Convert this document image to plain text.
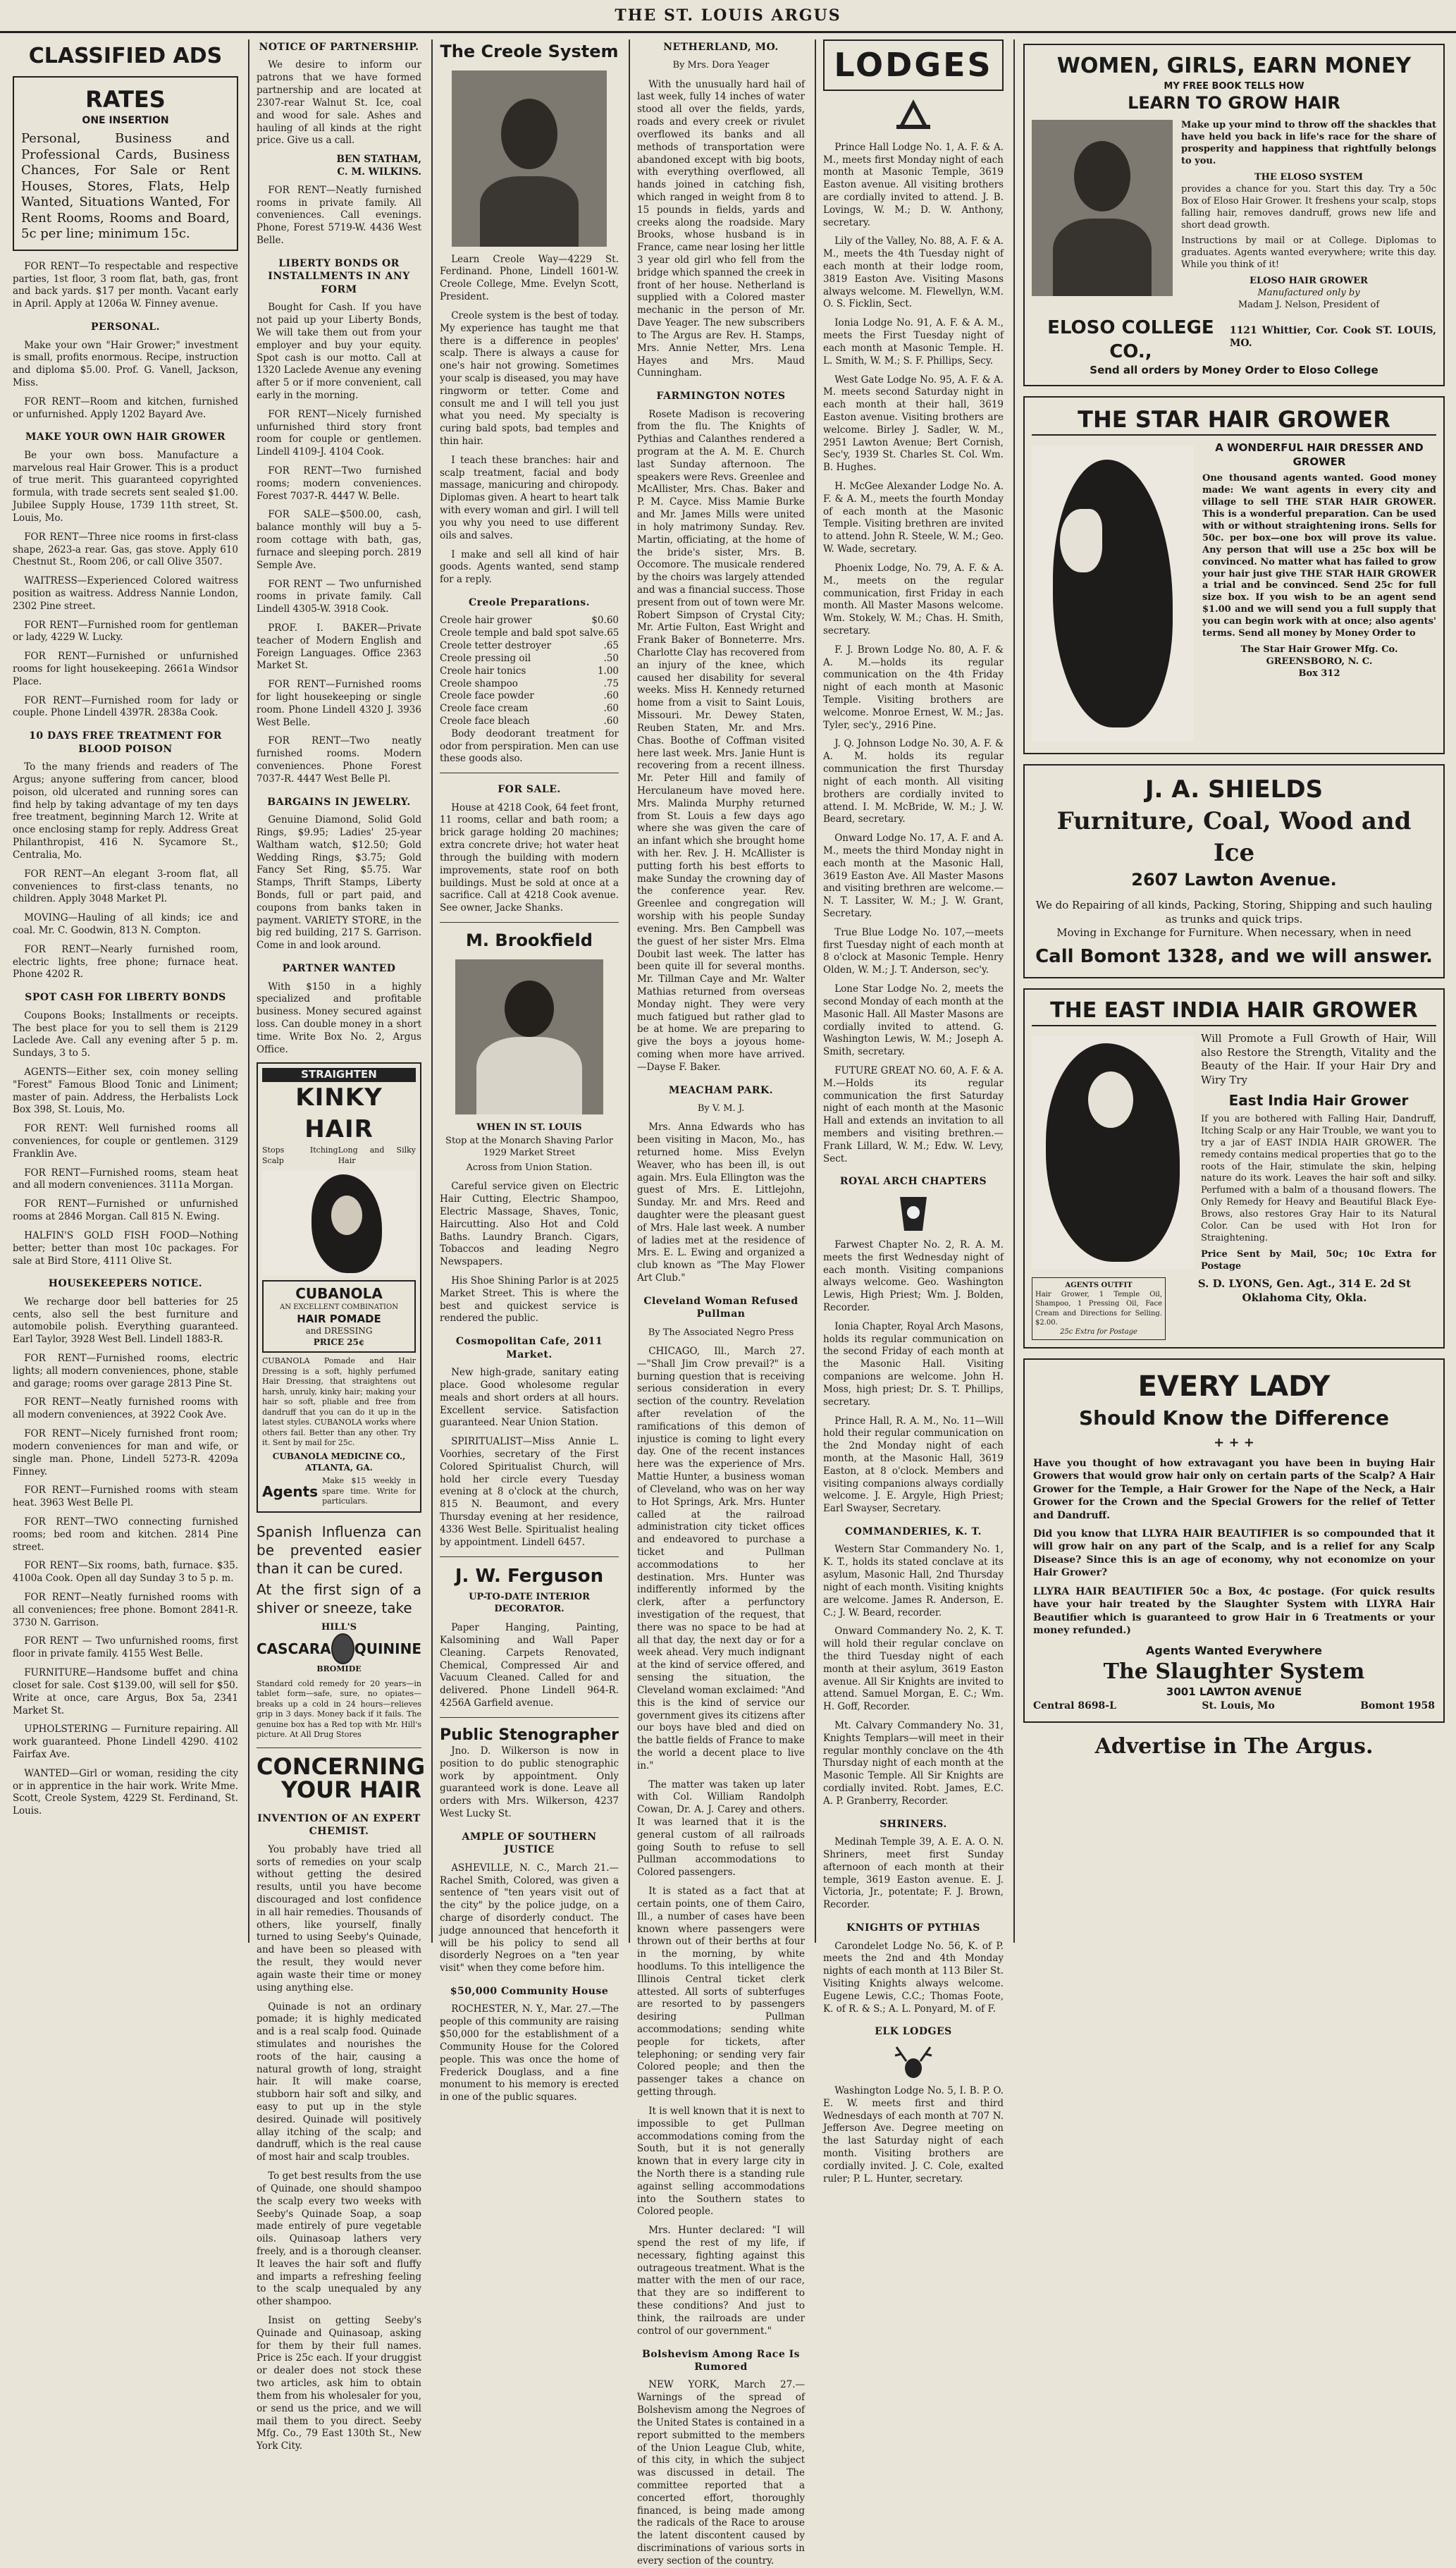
THE ST. LOUIS ARGUS
CLASSIFIED ADS
RATES
ONE INSERTION
Personal, Business and Professional Cards, Business Chances, For Sale or Rent Houses, Stores, Flats, Help Wanted, Situations Wanted, For Rent Rooms, Rooms and Board, 5c per line; minimum 15c.

FOR RENT—To respectable and respective parties, 1st floor, 3 room flat, bath, gas, front and back yards. $17 per month. Vacant early in April. Apply at 1206a W. Finney avenue.

PERSONAL.

Make your own "Hair Grower;" investment is small, profits enormous. Recipe, instruction and diploma $5.00. Prof. G. Vanell, Jackson, Miss.

FOR RENT—Room and kitchen, furnished or unfurnished. Apply 1202 Bayard Ave.

MAKE YOUR OWN HAIR GROWER

Be your own boss. Manufacture a marvelous real Hair Grower. This is a product of true merit. This guaranteed copyrighted formula, with trade secrets sent sealed $1.00. Jubilee Supply House, 1739 11th street, St. Louis, Mo.

FOR RENT—Three nice rooms in first-class shape, 2623-a rear. Gas, gas stove. Apply 610 Chestnut St., Room 206, or call Olive 3507.

WAITRESS—Experienced Colored waitress position as waitress. Address Nannie London, 2302 Pine street.

FOR RENT—Furnished room for gentleman or lady, 4229 W. Lucky.

FOR RENT—Furnished or unfurnished rooms for light housekeeping. 2661a Windsor Place.

FOR RENT—Furnished room for lady or couple. Phone Lindell 4397R. 2838a Cook.

10 DAYS FREE TREATMENT FOR BLOOD POISON

To the many friends and readers of The Argus; anyone suffering from cancer, blood poison, old ulcerated and running sores can find help by taking advantage of my ten days free treatment, beginning March 12. Write at once enclosing stamp for reply. Address Great Philanthropist, 416 N. Sycamore St., Centralia, Mo.

FOR RENT—An elegant 3-room flat, all conveniences to first-class tenants, no children. Apply 3048 Market Pl.

MOVING—Hauling of all kinds; ice and coal. Mr. C. Goodwin, 813 N. Compton.

FOR RENT—Nearly furnished room, electric lights, free phone; furnace heat. Phone 4202 R.

SPOT CASH FOR LIBERTY BONDS

Coupons Books; Installments or receipts. The best place for you to sell them is 2129 Laclede Ave. Call any evening after 5 p. m. Sundays, 3 to 5.

AGENTS—Either sex, coin money selling "Forest" Famous Blood Tonic and Liniment; master of pain. Address, the Herbalists Lock Box 398, St. Louis, Mo.

FOR RENT: Well furnished rooms all conveniences, for couple or gentlemen. 3129 Franklin Ave.

FOR RENT—Furnished rooms, steam heat and all modern conveniences. 3111a Morgan.

FOR RENT—Furnished or unfurnished rooms at 2846 Morgan. Call 815 N. Ewing.

HALFIN'S GOLD FISH FOOD—Nothing better; better than most 10c packages. For sale at Bird Store, 4111 Olive St.

HOUSEKEEPERS NOTICE.

We recharge door bell batteries for 25 cents, also sell the best furniture and automobile polish. Everything guaranteed. Earl Taylor, 3928 West Bell. Lindell 1883-R.

FOR RENT—Furnished rooms, electric lights; all modern conveniences, phone, stable and garage; rooms over garage 2813 Pine St.

FOR RENT—Neatly furnished rooms with all modern conveniences, at 3922 Cook Ave.

FOR RENT—Nicely furnished front room; modern conveniences for man and wife, or single man. Phone, Lindell 5273-R. 4209a Finney.

FOR RENT—Furnished rooms with steam heat. 3963 West Belle Pl.

FOR RENT—TWO connecting furnished rooms; bed room and kitchen. 2814 Pine street.

FOR RENT—Six rooms, bath, furnace. $35. 4100a Cook. Open all day Sunday 3 to 5 p. m.

FOR RENT—Neatly furnished rooms with all conveniences; free phone. Bomont 2841-R. 3730 N. Garrison.

FOR RENT — Two unfurnished rooms, first floor in private family. 4155 West Belle.

FURNITURE—Handsome buffet and china closet for sale. Cost $139.00, will sell for $50. Write at once, care Argus, Box 5a, 2341 Market St.

UPHOLSTERING — Furniture repairing. All work guaranteed. Phone Lindell 4290. 4102 Fairfax Ave.

WANTED—Girl or woman, residing the city or in apprentice in the hair work. Write Mme. Scott, Creole System, 4229 St. Ferdinand, St. Louis.

NOTICE OF PARTNERSHIP.

We desire to inform our patrons that we have formed partnership and are located at 2307-rear Walnut St. Ice, coal and wood for sale. Ashes and hauling of all kinds at the right price. Give us a call.

BEN STATHAM,
C. M. WILKINS.

FOR RENT—Neatly furnished rooms in private family. All conveniences. Call evenings. Phone, Forest 5719-W. 4436 West Belle.

LIBERTY BONDS OR INSTALLMENTS IN ANY FORM

Bought for Cash. If you have not paid up your Liberty Bonds, We will take them out from your employer and buy your equity. Spot cash is our motto. Call at 1320 Laclede Avenue any evening after 5 or if more convenient, call early in the morning.

FOR RENT—Nicely furnished unfurnished third story front room for couple or gentlemen. Lindell 4109-J. 4104 Cook.

FOR RENT—Two furnished rooms; modern conveniences. Forest 7037-R. 4447 W. Belle.

FOR SALE—$500.00, cash, balance monthly will buy a 5-room cottage with bath, gas, furnace and sleeping porch. 2819 Semple Ave.

FOR RENT — Two unfurnished rooms in private family. Call Lindell 4305-W. 3918 Cook.

PROF. I. BAKER—Private teacher of Modern English and Foreign Languages. Office 2363 Market St.

FOR RENT—Furnished rooms for light housekeeping or single room. Phone Lindell 4320 J. 3936 West Belle.

FOR RENT—Two neatly furnished rooms. Modern conveniences. Phone Forest 7037-R. 4447 West Belle Pl.

BARGAINS IN JEWELRY.

Genuine Diamond, Solid Gold Rings, $9.95; Ladies' 25-year Waltham watch, $12.50; Gold Wedding Rings, $3.75; Gold Fancy Set Ring, $5.75. War Stamps, Thrift Stamps, Liberty Bonds, full or part paid, and coupons from banks taken in payment. VARIETY STORE, in the big red building, 217 S. Garrison. Come in and look around.

PARTNER WANTED

With $150 in a highly specialized and profitable business. Money secured against loss. Can double money in a short time. Write Box No. 2, Argus Office.

STRAIGHTEN
KINKY HAIR
Stops Itching Scalp
Long and Silky Hair
CUBANOLA
AN EXCELLENT COMBINATION
HAIR POMADE
and DRESSING
PRICE 25¢
CUBANOLA Pomade and Hair Dressing is a soft, highly perfumed Hair Dressing, that straightens out harsh, unruly, kinky hair; making your hair so soft, pliable and free from dandruff that you can do it up in the latest styles. CUBANOLA works where others fail. Better than any other. Try it. Sent by mail for 25c.
CUBANOLA MEDICINE CO., ATLANTA, GA.
Agents
Make $15 weekly in spare time. Write for particulars.
Spanish Influenza can be prevented easier than it can be cured.
At the first sign of a shiver or sneeze, take
HILL'S
CASCARA QUININE
BROMIDE
Standard cold remedy for 20 years—in tablet form—safe, sure, no opiates—breaks up a cold in 24 hours—relieves grip in 3 days. Money back if it fails. The genuine box has a Red top with Mr. Hill's picture. At All Drug Stores
CONCERNING
YOUR HAIR
INVENTION OF AN EXPERT CHEMIST.

You probably have tried all sorts of remedies on your scalp without getting the desired results, until you have become discouraged and lost confidence in all hair remedies. Thousands of others, like yourself, finally turned to using Seeby's Quinade, and have been so pleased with the result, they would never again waste their time or money using anything else.

Quinade is not an ordinary pomade; it is highly medicated and is a real scalp food. Quinade stimulates and nourishes the roots of the hair, causing a natural growth of long, straight hair. It will make coarse, stubborn hair soft and silky, and easy to put up in the style desired. Quinade will positively allay itching of the scalp; and dandruff, which is the real cause of most hair and scalp troubles.

To get best results from the use of Quinade, one should shampoo the scalp every two weeks with Seeby's Quinade Soap, a soap made entirely of pure vegetable oils. Quinasoap lathers very freely, and is a thorough cleanser. It leaves the hair soft and fluffy and imparts a refreshing feeling to the scalp unequaled by any other shampoo.

Insist on getting Seeby's Quinade and Quinasoap, asking for them by their full names. Price is 25c each. If your druggist or dealer does not stock these two articles, ask him to obtain them from his wholesaler for you, or send us the price, and we will mail them to you direct. Seeby Mfg. Co., 79 East 130th St., New York City.

The Creole System

Learn Creole Way—4229 St. Ferdinand. Phone, Lindell 1601-W. Creole College, Mme. Evelyn Scott, President.

Creole system is the best of today. My experience has taught me that there is a difference in peoples' scalp. There is always a cause for one's hair not growing. Sometimes your scalp is diseased, you may have ringworm or tetter. Come and consult me and I will tell you just what you need. My specialty is curing bald spots, bad temples and thin hair.

I teach these branches: hair and scalp treatment, facial and body massage, manicuring and chiropody. Diplomas given. A heart to heart talk with every woman and girl. I will tell you why you need to use different oils and salves.

I make and sell all kind of hair goods. Agents wanted, send stamp for a reply.

Creole Preparations.
Creole hair grower	$0.60
Creole temple and bald spot salve .65
Creole tetter destroyer	.65
Creole pressing oil	.50
Creole hair tonics	1.00
Creole shampoo	.75
Creole face powder	.60
Creole face cream	.60
Creole face bleach	.60

Body deodorant treatment for odor from perspiration. Men can use these goods also.

FOR SALE.

House at 4218 Cook, 64 feet front, 11 rooms, cellar and bath room; a brick garage holding 20 machines; extra concrete drive; hot water heat through the building with modern improvements, state roof on both buildings. Must be sold at once at a sacrifice. Call at 4218 Cook avenue. See owner, Jacke Shanks.

M. Brookfield
WHEN IN ST. LOUIS
Stop at the Monarch Shaving Parlor 1929 Market Street
Across from Union Station.

Careful service given on Electric Hair Cutting, Electric Shampoo, Electric Massage, Shaves, Tonic, Haircutting. Also Hot and Cold Baths. Laundry Branch. Cigars, Tobaccos and leading Negro Newspapers.

His Shoe Shining Parlor is at 2025 Market Street. This is where the best and quickest service is rendered the public.

Cosmopolitan Cafe, 2011 Market.

New high-grade, sanitary eating place. Good wholesome regular meals and short orders at all hours. Excellent service. Satisfaction guaranteed. Near Union Station.

SPIRITUALIST—Miss Annie L. Voorhies, secretary of the First Colored Spiritualist Church, will hold her circle every Tuesday evening at 8 o'clock at the church, 815 N. Beaumont, and every Thursday evening at her residence, 4336 West Belle. Spiritualist healing by appointment. Lindell 6457.

J. W. Ferguson
UP-TO-DATE INTERIOR DECORATOR.

Paper Hanging, Painting, Kalsomining and Wall Paper Cleaning. Carpets Renovated, Chemical, Compressed Air and Vacuum Cleaned. Called for and delivered. Phone Lindell 964-R. 4256A Garfield avenue.

Public Stenographer

Jno. D. Wilkerson is now in position to do public stenographic work by appointment. Only guaranteed work is done. Leave all orders with Mrs. Wilkerson, 4237 West Lucky St.

AMPLE OF SOUTHERN JUSTICE

ASHEVILLE, N. C., March 21.—Rachel Smith, Colored, was given a sentence of "ten years visit out of the city" by the police judge, on a charge of disorderly conduct. The judge announced that henceforth it will be his policy to send all disorderly Negroes on a "ten year visit" when they come before him.

$50,000 Community House

ROCHESTER, N. Y., Mar. 27.—The people of this community are raising $50,000 for the establishment of a Community House for the Colored people. This was once the home of Frederick Douglass, and a fine monument to his memory is erected in one of the public squares.

NETHERLAND, MO.
By Mrs. Dora Yeager

With the unusually hard hail of last week, fully 14 inches of water stood all over the fields, yards, roads and every creek or rivulet overflowed its banks and all methods of transportation were abandoned except with big boots, with everything overflowed, all hands joined in catching fish, which ranged in weight from 8 to 15 pounds in fields, yards and creeks along the roadside. Mary Brooks, whose husband is in France, came near losing her little 3 year old girl who fell from the bridge which spanned the creek in front of her house. Netherland is supplied with a Colored master mechanic in the person of Mr. Dave Yeager. The new subscribers to The Argus are Rev. H. Stamps, Mrs. Annie Netter, Mrs. Lena Hayes and Mrs. Maud Cunningham.

FARMINGTON NOTES

Rosete Madison is recovering from the flu. The Knights of Pythias and Calanthes rendered a program at the A. M. E. Church last Sunday afternoon. The speakers were Revs. Greenlee and McAllister, Mrs. Chas. Baker and P. M. Cayce. Miss Mamie Burke and Mr. James Mills were united in holy matrimony Sunday. Rev. Martin, officiating, at the home of the bride's sister, Mrs. B. Occomore. The musicale rendered by the choirs was largely attended and was a financial success. Those present from out of town were Mr. Robert Simpson of Crystal City; Mr. Artie Fulton, East Wright and Frank Baker of Bonneterre. Mrs. Charlotte Clay has recovered from an injury of the knee, which caused her disability for several weeks. Miss H. Kennedy returned home from a visit to Saint Louis, Missouri. Mr. Dewey Staten, Reuben Staten, Mr. and Mrs. Chas. Boothe of Coffman visited here last week. Mrs. Janie Hunt is recovering from a recent illness. Mr. Peter Hill and family of Herculaneum have moved here. Mrs. Malinda Murphy returned from St. Louis a few days ago where she was given the care of an infant which she brought home with her. Rev. J. H. McAllister is putting forth his best efforts to make Sunday the crowning day of the conference year. Rev. Greenlee and congregation will worship with his people Sunday evening. Mrs. Ben Campbell was the guest of her sister Mrs. Elma Doubit last week. The latter has been quite ill for several months. Mr. Tillman Caye and Mr. Walter Mathias returned from overseas Monday night. They were very much fatigued but rather glad to be at home. We are preparing to give the boys a joyous home-coming when more have arrived.—Dayse F. Baker.

MEACHAM PARK.
By V. M. J.

Mrs. Anna Edwards who has been visiting in Macon, Mo., has returned home. Miss Evelyn Weaver, who has been ill, is out again. Mrs. Eula Ellington was the guest of Mrs. E. Littlejohn, Sunday. Mr. and Mrs. Reed and daughter were the pleasant guest of Mrs. Hale last week. A number of ladies met at the residence of Mrs. E. L. Ewing and organized a club known as "The May Flower Art Club."

Cleveland Woman Refused Pullman
By The Associated Negro Press

CHICAGO, Ill., March 27.—"Shall Jim Crow prevail?" is a burning question that is receiving serious consideration in every section of the country. Revelation after revelation of the ramifications of this demon of injustice is coming to light every day. One of the recent instances here was the experience of Mrs. Mattie Hunter, a business woman of Cleveland, who was on her way to Hot Springs, Ark. Mrs. Hunter called at the railroad administration city ticket offices and endeavored to purchase a ticket and Pullman accommodations to her destination. Mrs. Hunter was indifferently informed by the clerk, after a perfunctory investigation of the request, that there was no space to be had at all that day, the next day or for a week ahead. Very much indignant at the kind of service offered, and sensing the situation, the Cleveland woman exclaimed: "And this is the kind of service our government gives its citizens after our boys have bled and died on the battle fields of France to make the world a decent place to live in."

The matter was taken up later with Col. William Randolph Cowan, Dr. A. J. Carey and others. It was learned that it is the general custom of all railroads going South to refuse to sell Pullman accommodations to Colored passengers.

It is stated as a fact that at certain points, one of them Cairo, Ill., a number of cases have been known where passengers were thrown out of their berths at four in the morning, by white hoodlums. To this intelligence the Illinois Central ticket clerk attested. All sorts of subterfuges are resorted to by passengers desiring Pullman accommodations; sending white people for tickets, after telephoning; or sending very fair Colored people; and then the passenger takes a chance on getting through.

It is well known that it is next to impossible to get Pullman accommodations coming from the South, but it is not generally known that in every large city in the North there is a standing rule against selling accommodations into the Southern states to Colored people.

Mrs. Hunter declared: "I will spend the rest of my life, if necessary, fighting against this outrageous treatment. What is the matter with the men of our race, that they are so indifferent to these conditions? And just to think, the railroads are under control of our government."

Bolshevism Among Race Is Rumored

NEW YORK, March 27.—Warnings of the spread of Bolshevism among the Negroes of the United States is contained in a report submitted to the members of the Union League Club, white, of this city, in which the subject was discussed in detail. The committee reported that a concerted effort, thoroughly financed, is being made among the radicals of the Race to arouse the latent discontent caused by discriminations of various sorts in every section of the country.

LODGES

Prince Hall Lodge No. 1, A. F. & A. M., meets first Monday night of each month at Masonic Temple, 3619 Easton avenue. All visiting brothers are cordially invited to attend. J. B. Lovings, W. M.; D. W. Anthony, secretary.

Lily of the Valley, No. 88, A. F. & A. M., meets the 4th Tuesday night of each month at their lodge room, 3819 Easton Ave. Visiting Masons always welcome. M. Flewellyn, W.M. O. S. Ficklin, Sect.

Ionia Lodge No. 91, A. F. & A. M., meets the First Tuesday night of each month at Masonic Temple. H. L. Smith, W. M.; S. F. Phillips, Secy.

West Gate Lodge No. 95, A. F. & A. M. meets second Saturday night in each month at their hall, 3619 Easton avenue. Visiting brothers are welcome. Birley J. Sadler, W. M., 2951 Lawton Avenue; Bert Cornish, Sec'y, 1939 St. Charles St. Col. Wm. B. Hughes.

H. McGee Alexander Lodge No. A. F. & A. M., meets the fourth Monday of each month at the Masonic Temple. Visiting brethren are invited to attend. John R. Steele, W. M.; Geo. W. Wade, secretary.

Phoenix Lodge, No. 79, A. F. & A. M., meets on the regular communication, first Friday in each month. All Master Masons welcome. Wm. Stokely, W. M.; Chas. H. Smith, secretary.

F. J. Brown Lodge No. 80, A. F. & A. M.—holds its regular communication on the 4th Friday night of each month at Masonic Temple. Visiting brothers are welcome. Monroe Ernest, W. M.; Jas. Tyler, sec'y., 2916 Pine.

J. Q. Johnson Lodge No. 30, A. F. & A. M. holds its regular communication the first Thursday night of each month. All visiting brothers are cordially invited to attend. I. M. McBride, W. M.; J. W. Beard, secretary.

Onward Lodge No. 17, A. F. and A. M., meets the third Monday night in each month at the Masonic Hall, 3619 Easton Ave. All Master Masons and visiting brethren are welcome.—N. T. Lassiter, W. M.; J. W. Grant, Secretary.

True Blue Lodge No. 107,—meets first Tuesday night of each month at 8 o'clock at Masonic Temple. Henry Olden, W. M.; J. T. Anderson, sec'y.

Lone Star Lodge No. 2, meets the second Monday of each month at the Masonic Hall. All Master Masons are cordially invited to attend. G. Washington Lewis, W. M.; Joseph A. Smith, secretary.

FUTURE GREAT NO. 60, A. F. & A. M.—Holds its regular communication the first Saturday night of each month at the Masonic Hall and extends an invitation to all members and visiting brethren.—Frank Lillard, W. M.; Edw. W. Levy, Sect.

ROYAL ARCH CHAPTERS

Farwest Chapter No. 2, R. A. M. meets the first Wednesday night of each month. Visiting companions always welcome. Geo. Washington Lewis, High Priest; Wm. J. Bolden, Recorder.

Ionia Chapter, Royal Arch Masons, holds its regular communication on the second Friday of each month at the Masonic Hall. Visiting companions are welcome. John H. Moss, high priest; Dr. S. T. Phillips, secretary.

Prince Hall, R. A. M., No. 11—Will hold their regular communication on the 2nd Monday night of each month, at the Masonic Hall, 3619 Easton, at 8 o'clock. Members and visiting companions always cordially welcome. J. E. Argyle, High Priest; Earl Swayser, Secretary.

COMMANDERIES, K. T.

Western Star Commandery No. 1, K. T., holds its stated conclave at its asylum, Masonic Hall, 2nd Thursday night of each month. Visiting knights are welcome. James R. Anderson, E. C.; J. W. Beard, recorder.

Onward Commandery No. 2, K. T. will hold their regular conclave on the third Tuesday night of each month at their asylum, 3619 Easton avenue. All Sir Knights are invited to attend. Samuel Morgan, E. C.; Wm. H. Goff, Recorder.

Mt. Calvary Commandery No. 31, Knights Templars—will meet in their regular monthly conclave on the 4th Thursday night of each month at the Masonic Temple. All Sir Knights are cordially invited. Robt. James, E.C. A. P. Granberry, Recorder.

SHRINERS.

Medinah Temple 39, A. E. A. O. N. Shriners, meet first Sunday afternoon of each month at their temple, 3619 Easton avenue. E. J. Victoria, Jr., potentate; F. J. Brown, Recorder.

KNIGHTS OF PYTHIAS

Carondelet Lodge No. 56, K. of P. meets the 2nd and 4th Monday nights of each month at 113 Biler St. Visiting Knights always welcome. Eugene Lewis, C.C.; Thomas Foote, K. of R. & S.; A. L. Ponyard, M. of F.

ELK LODGES

Washington Lodge No. 5, I. B. P. O. E. W. meets first and third Wednesdays of each month at 707 N. Jefferson Ave. Degree meeting on the last Saturday night of each month. Visiting brothers are cordially invited. J. C. Cole, exalted ruler; P. L. Hunter, secretary.

WOMEN, GIRLS, EARN MONEY
MY FREE BOOK TELLS HOW
LEARN TO GROW HAIR
Make up your mind to throw off the shackles that have held you back in life's race for the share of prosperity and happiness that rightfully belongs to you.
THE ELOSO SYSTEM
provides a chance for you. Start this day. Try a 50c Box of Eloso Hair Grower. It freshens your scalp, stops falling hair, removes dandruff, grows new life and short dead growth.
Instructions by mail or at College. Diplomas to graduates. Agents wanted everywhere; write this day. While you think of it!
ELOSO HAIR GROWER
Manufactured only by
Madam J. Nelson, President of
ELOSO COLLEGE CO.,
1121 Whittier, Cor. Cook ST. LOUIS, MO.
Send all orders by Money Order to Eloso College
THE STAR HAIR GROWER
A WONDERFUL HAIR DRESSER AND GROWER
One thousand agents wanted. Good money made: We want agents in every city and village to sell THE STAR HAIR GROWER. This is a wonderful preparation. Can be used with or without straightening irons. Sells for 50c. per box—one box will prove its value. Any person that will use a 25c box will be convinced. No matter what has failed to grow your hair just give THE STAR HAIR GROWER a trial and be convinced. Send 25c for full size box. If you wish to be an agent send $1.00 and we will send you a full supply that you can begin work with at once; also agents' terms. Send all money by Money Order to
The Star Hair Grower Mfg. Co.
GREENSBORO, N. C.
Box 312
J. A. SHIELDS
Furniture, Coal, Wood and Ice
2607 Lawton Avenue.
We do Repairing of all kinds, Packing, Storing, Shipping and such hauling as trunks and quick trips.
Moving in Exchange for Furniture. When necessary, when in need
Call Bomont 1328, and we will answer.
THE EAST INDIA HAIR GROWER
Will Promote a Full Growth of Hair, Will also Restore the Strength, Vitality and the Beauty of the Hair. If your Hair Dry and Wiry Try
East India Hair Grower
If you are bothered with Falling Hair, Dandruff, Itching Scalp or any Hair Trouble, we want you to try a jar of EAST INDIA HAIR GROWER. The remedy contains medical properties that go to the roots of the Hair, stimulate the skin, helping nature do its work. Leaves the hair soft and silky. Perfumed with a balm of a thousand flowers. The Only Remedy for Heavy and Beautiful Black Eye-Brows, also restores Gray Hair to its Natural Color. Can be used with Hot Iron for Straightening.
Price Sent by Mail, 50c; 10c Extra for Postage
AGENTS OUTFIT
Hair Grower, 1 Temple Oil, Shampoo, 1 Pressing Oil, Face Cream and Directions for Selling. $2.00.
25c Extra for Postage
S. D. LYONS, Gen. Agt., 314 E. 2d St
Oklahoma City, Okla.
EVERY LADY
Should Know the Difference
+ + +
Have you thought of how extravagant you have been in buying Hair Growers that would grow hair only on certain parts of the Scalp? A Hair Grower for the Temple, a Hair Grower for the Nape of the Neck, a Hair Grower for the Crown and the Special Growers for the relief of Tetter and Dandruff.
Did you know that LLYRA HAIR BEAUTIFIER is so compounded that it will grow hair on any part of the Scalp, and is a relief for any Scalp Disease? Since this is an age of economy, why not economize on your Hair Grower?
LLYRA HAIR BEAUTIFIER 50c a Box, 4c postage. (For quick results have your hair treated by the Slaughter System with LLYRA Hair Beautifier which is guaranteed to grow Hair in 6 Treatments or your money refunded.)
Agents Wanted Everywhere
The Slaughter System
3001 LAWTON AVENUE
Central 8698-L	St. Louis, Mo	Bomont 1958
Advertise in The Argus.
